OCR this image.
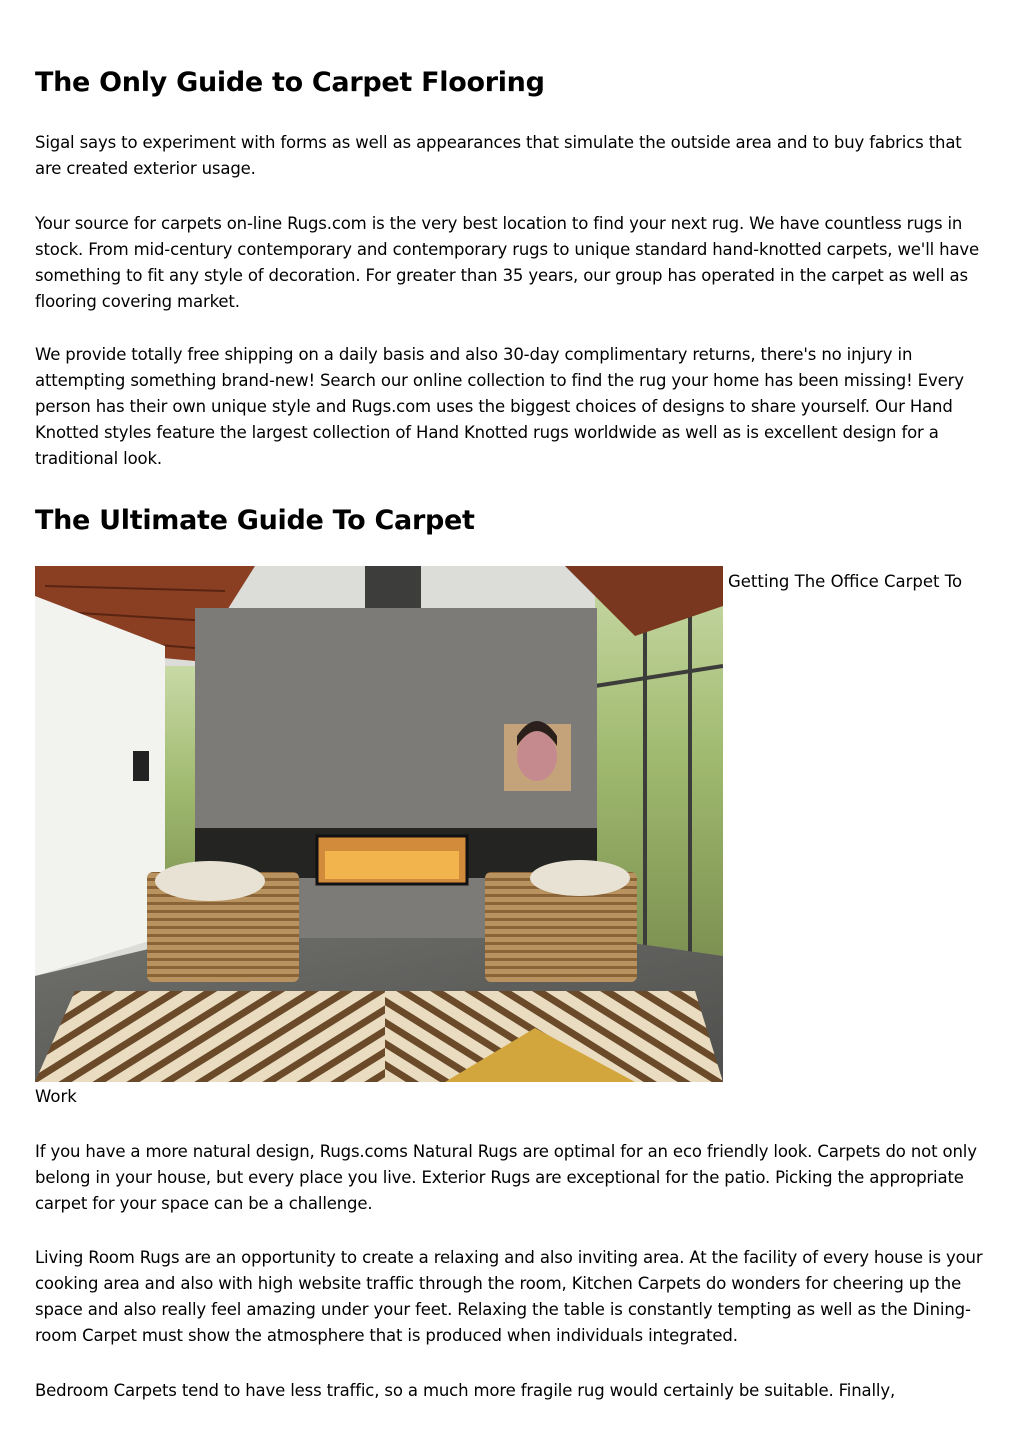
The Only Guide to Carpet Flooring

Sigal says to experiment with forms as well as appearances that simulate the outside area and to buy fabrics that are created exterior usage.

Your source for carpets on-line Rugs.com is the very best location to find your next rug. We have countless rugs in stock. From mid-century contemporary and contemporary rugs to unique standard hand-knotted carpets, we'll have something to fit any style of decoration. For greater than 35 years, our group has operated in the carpet as well as flooring covering market.

We provide totally free shipping on a daily basis and also 30-day complimentary returns, there's no injury in attempting something brand-new! Search our online collection to find the rug your home has been missing! Every person has their own unique style and Rugs.com uses the biggest choices of designs to share yourself. Our Hand Knotted styles feature the largest collection of Hand Knotted rugs worldwide as well as is excellent design for a traditional look.

The Ultimate Guide To Carpet
Getting The Office Carpet To
Work

If you have a more natural design, Rugs.coms Natural Rugs are optimal for an eco friendly look. Carpets do not only belong in your house, but every place you live. Exterior Rugs are exceptional for the patio. Picking the appropriate carpet for your space can be a challenge.

Living Room Rugs are an opportunity to create a relaxing and also inviting area. At the facility of every house is your cooking area and also with high website traffic through the room, Kitchen Carpets do wonders for cheering up the space and also really feel amazing under your feet. Relaxing the table is constantly tempting as well as the Dining-room Carpet must show the atmosphere that is produced when individuals integrated.

Bedroom Carpets tend to have less traffic, so a much more fragile rug would certainly be suitable. Finally,
